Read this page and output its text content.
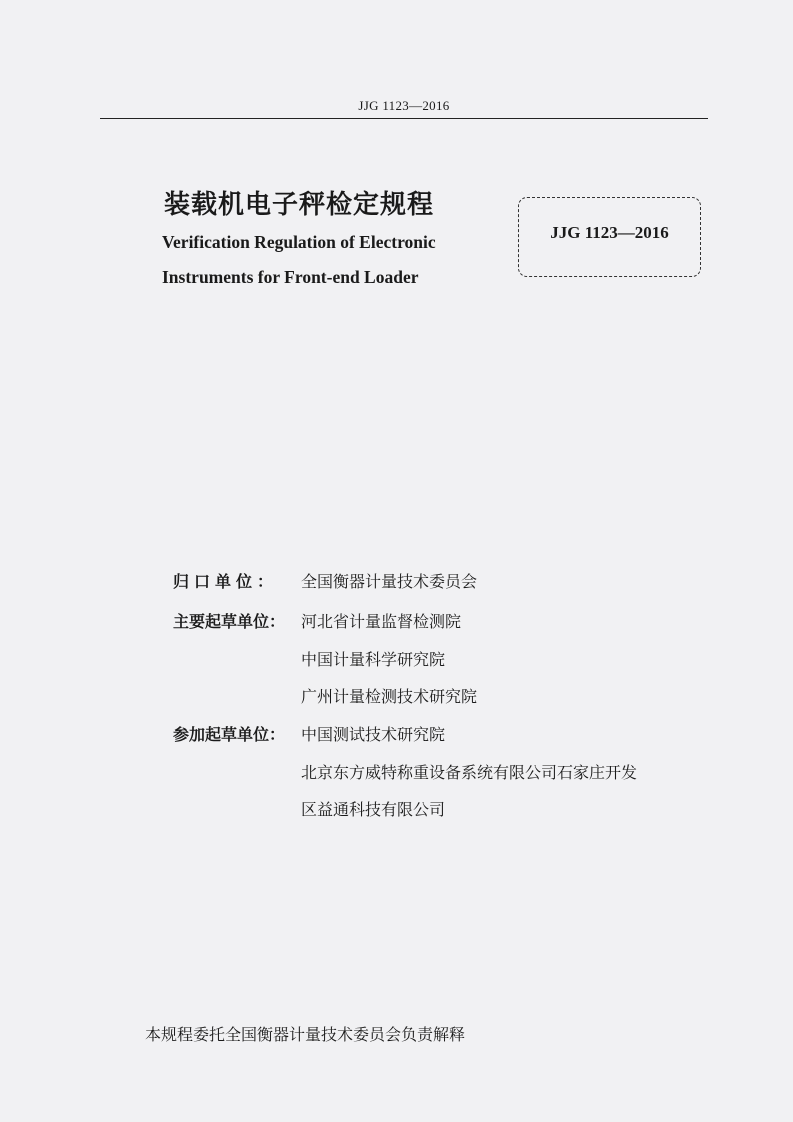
JJG 1123—2016
装载机电子秤检定规程
Verification Regulation of Electronic
Instruments for Front-end Loader
JJG 1123—2016
归口单位： 全国衡器计量技术委员会
主要起草单位： 河北省计量监督检测院
中国计量科学研究院
广州计量检测技术研究院
参加起草单位： 中国测试技术研究院
北京东方威特称重设备系统有限公司石家庄开发
区益通科技有限公司
本规程委托全国衡器计量技术委员会负责解释
